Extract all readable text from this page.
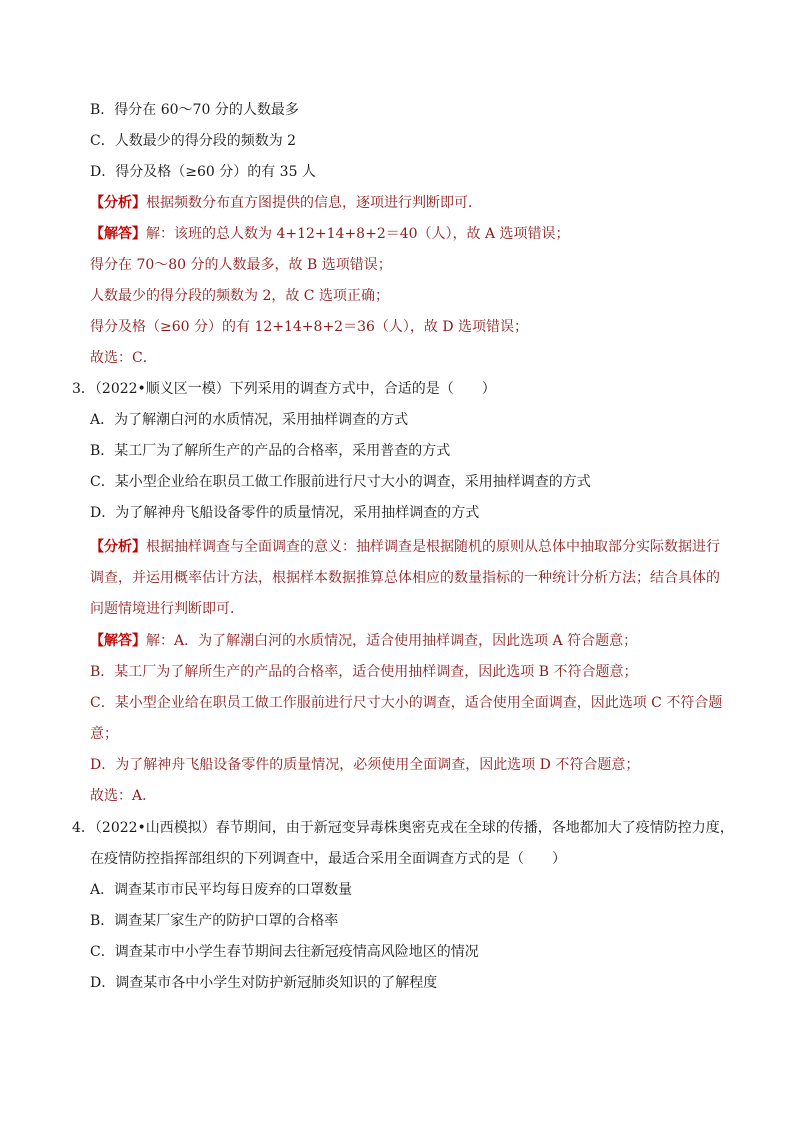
B．得分在 60～70 分的人数最多
C．人数最少的得分段的频数为 2
D．得分及格（≥60 分）的有 35 人
【分析】根据频数分布直方图提供的信息，逐项进行判断即可．
【解答】解：该班的总人数为 4+12+14+8+2＝40（人），故 A 选项错误；
得分在 70～80 分的人数最多，故 B 选项错误；
人数最少的得分段的频数为 2，故 C 选项正确；
得分及格（≥60 分）的有 12+14+8+2＝36（人），故 D 选项错误；
故选：C．
3．（2022•顺义区一模）下列采用的调查方式中，合适的是（　　）
A．为了解潮白河的水质情况，采用抽样调查的方式
B．某工厂为了解所生产的产品的合格率，采用普查的方式
C．某小型企业给在职员工做工作服前进行尺寸大小的调查，采用抽样调查的方式
D．为了解神舟飞船设备零件的质量情况，采用抽样调查的方式
【分析】根据抽样调查与全面调查的意义：抽样调查是根据随机的原则从总体中抽取部分实际数据进行
调查，并运用概率估计方法，根据样本数据推算总体相应的数量指标的一种统计分析方法；结合具体的
问题情境进行判断即可．
【解答】解：A．为了解潮白河的水质情况，适合使用抽样调查，因此选项 A 符合题意；
B．某工厂为了解所生产的产品的合格率，适合使用抽样调查，因此选项 B 不符合题意；
C．某小型企业给在职员工做工作服前进行尺寸大小的调查，适合使用全面调查，因此选项 C 不符合题
意；
D．为了解神舟飞船设备零件的质量情况，必须使用全面调查，因此选项 D 不符合题意；
故选：A．
4．（2022•山西模拟）春节期间，由于新冠变异毒株奥密克戎在全球的传播，各地都加大了疫情防控力度，
在疫情防控指挥部组织的下列调查中，最适合采用全面调查方式的是（　　）
A．调查某市市民平均每日废弃的口罩数量
B．调查某厂家生产的防护口罩的合格率
C．调查某市中小学生春节期间去往新冠疫情高风险地区的情况
D．调查某市各中小学生对防护新冠肺炎知识的了解程度
